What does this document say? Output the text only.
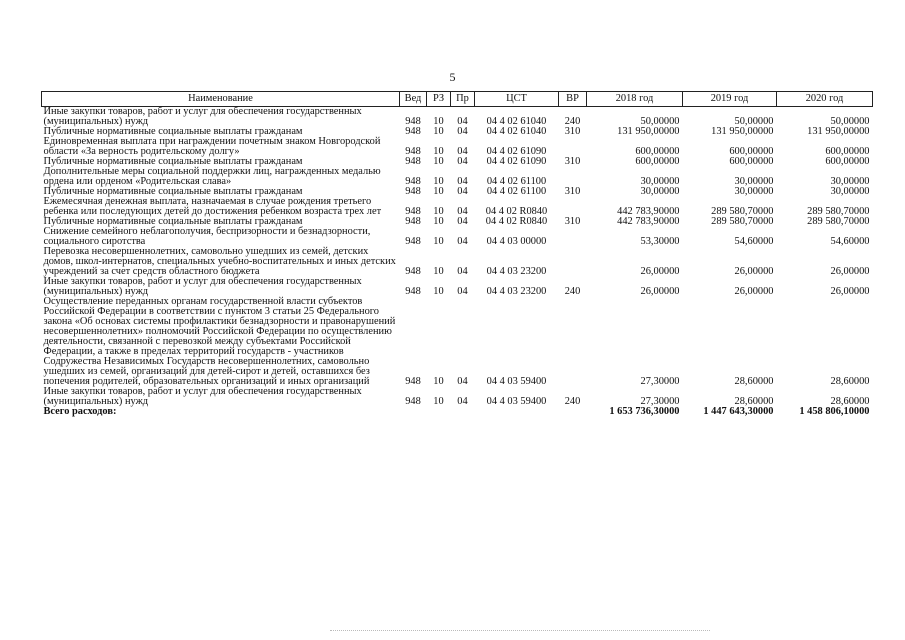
5
Наименование	Вед	РЗ	Пр	ЦСТ	ВР	2018 год	2019 год	2020 год
Иные закупки товаров, работ и услуг для обеспечения государственных (муниципальных) нужд	948	10	04	04 4 02 61040	240	50,00000	50,00000	50,00000
Публичные нормативные социальные выплаты гражданам	948	10	04	04 4 02 61040	310	131 950,00000	131 950,00000	131 950,00000
Единовременная выплата при награждении почетным знаком Новгородской области «За верность родительскому долгу»	948	10	04	04 4 02 61090		600,00000	600,00000	600,00000
Публичные нормативные социальные выплаты гражданам	948	10	04	04 4 02 61090	310	600,00000	600,00000	600,00000
Дополнительные меры социальной поддержки лиц, награжденных медалью ордена или орденом «Родительская слава»	948	10	04	04 4 02 61100		30,00000	30,00000	30,00000
Публичные нормативные социальные выплаты гражданам	948	10	04	04 4 02 61100	310	30,00000	30,00000	30,00000
Ежемесячная денежная выплата, назначаемая в случае рождения третьего ребенка или последующих детей до достижения ребенком возраста трех лет	948	10	04	04 4 02 R0840		442 783,90000	289 580,70000	289 580,70000
Публичные нормативные социальные выплаты гражданам	948	10	04	04 4 02 R0840	310	442 783,90000	289 580,70000	289 580,70000
Снижение семейного неблагополучия, беспризорности и безнадзорности, социального сиротства	948	10	04	04 4 03 00000		53,30000	54,60000	54,60000
Перевозка несовершеннолетних, самовольно ушедших из семей, детских домов, школ-интернатов, специальных учебно-воспитательных и иных детских учреждений за счет средств областного бюджета	948	10	04	04 4 03 23200		26,00000	26,00000	26,00000
Иные закупки товаров, работ и услуг для обеспечения государственных (муниципальных) нужд	948	10	04	04 4 03 23200	240	26,00000	26,00000	26,00000
Осуществление переданных органам государственной власти субъектов Российской Федерации в соответствии с пунктом 3 статьи 25 Федерального закона «Об основах системы профилактики безнадзорности и правонарушений несовершеннолетних» полномочий Российской Федерации по осуществлению деятельности, связанной с перевозкой между субъектами Российской Федерации, а также в пределах территорий государств - участников Содружества Независимых Государств несовершеннолетних, самовольно ушедших из семей, организаций для детей-сирот и детей, оставшихся без попечения родителей, образовательных организаций и иных организаций	948	10	04	04 4 03 59400		27,30000	28,60000	28,60000
Иные закупки товаров, работ и услуг для обеспечения государственных (муниципальных) нужд	948	10	04	04 4 03 59400	240	27,30000	28,60000	28,60000
Всего расходов:						1 653 736,30000	1 447 643,30000	1 458 806,10000
